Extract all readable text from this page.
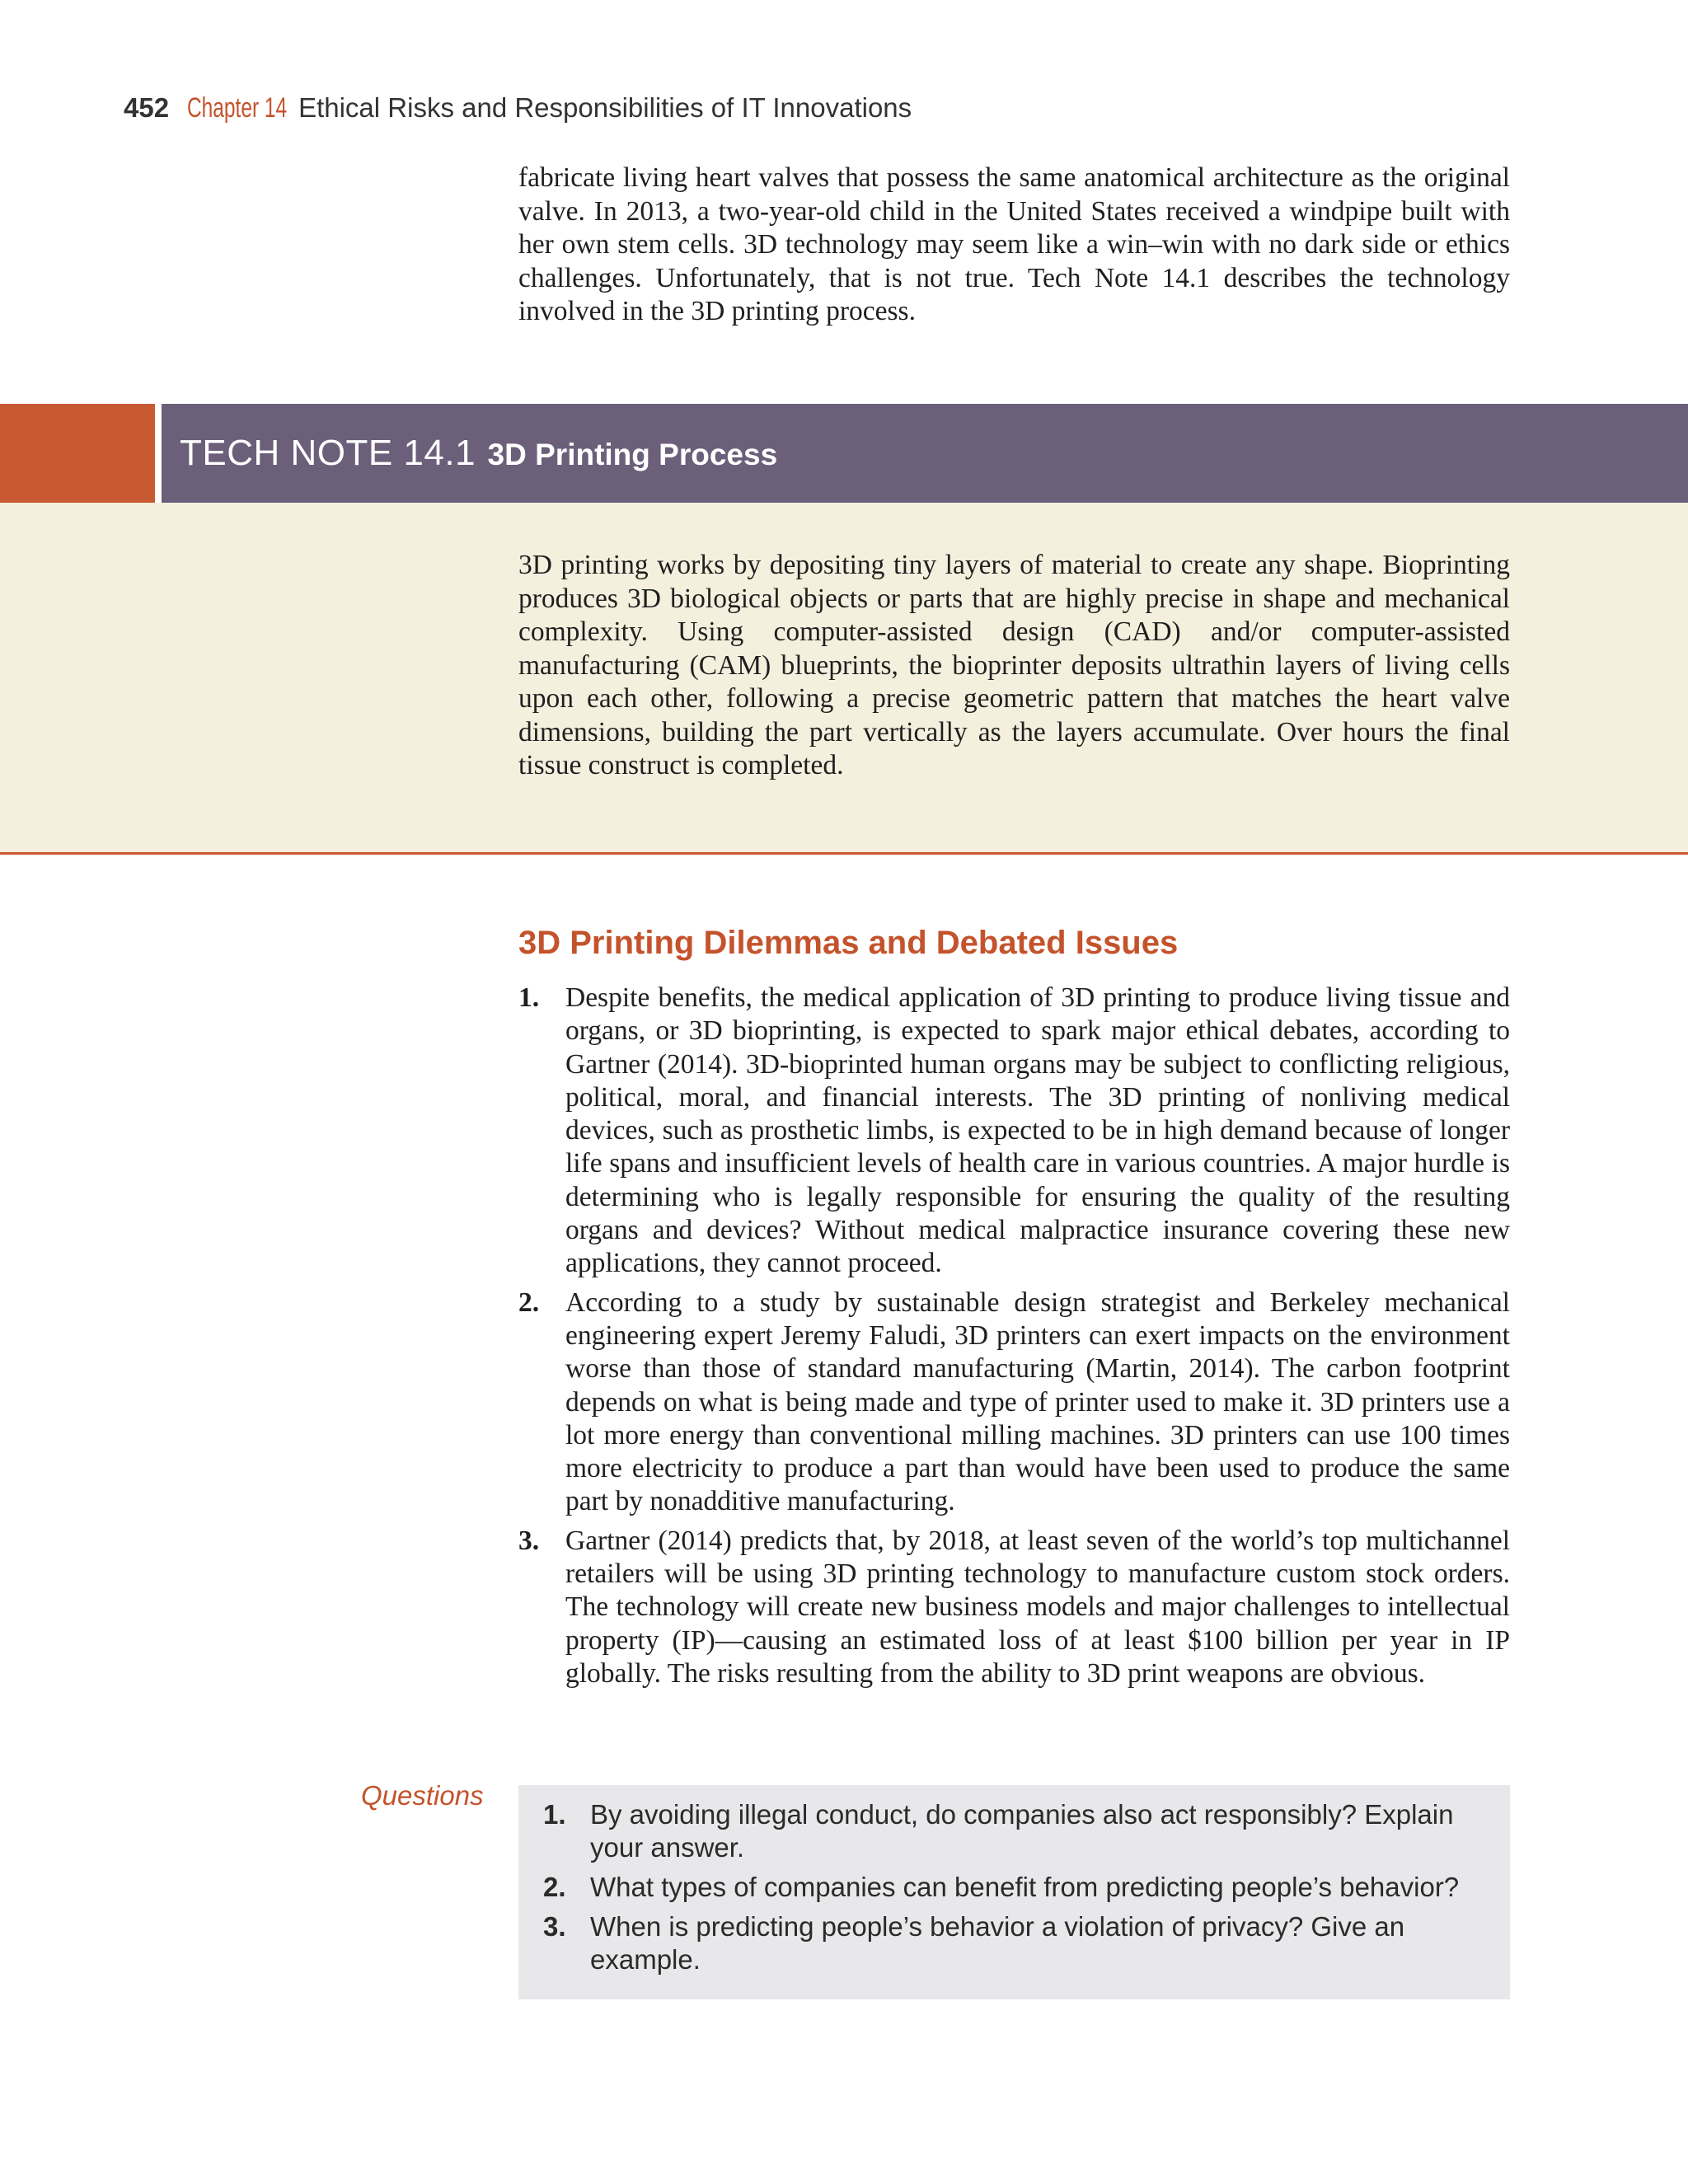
452 Chapter 14 Ethical Risks and Responsibilities of IT Innovations

fabricate living heart valves that possess the same anatomical architecture as the original valve. In 2013, a two-year-old child in the United States received a windpipe built with her own stem cells. 3D technology may seem like a win–win with no dark side or ethics challenges. Unfortunately, that is not true. Tech Note 14.1 describes the technology involved in the 3D printing process.

TECH NOTE 14.1 3D Printing Process

3D printing works by depositing tiny layers of material to create any shape. Bioprinting produces 3D biological objects or parts that are highly precise in shape and mechanical complexity. Using computer-assisted design (CAD) and/or computer-assisted manufacturing (CAM) blueprints, the bioprinter deposits ultrathin layers of living cells upon each other, following a precise geometric pattern that matches the heart valve dimensions, building the part vertically as the layers accumulate. Over hours the final tissue construct is completed.

3D Printing Dilemmas and Debated Issues
1. Despite benefits, the medical application of 3D printing to produce living tissue and organs, or 3D bioprinting, is expected to spark major ethical debates, according to Gartner (2014). 3D-bioprinted human organs may be subject to conflicting religious, political, moral, and financial interests. The 3D printing of nonliving medical devices, such as prosthetic limbs, is expected to be in high demand because of longer life spans and insufficient levels of health care in various countries. A major hurdle is determining who is legally responsible for ensuring the quality of the resulting organs and devices? Without medical malpractice insurance covering these new applications, they cannot proceed.
2. According to a study by sustainable design strategist and Berkeley mechanical engineering expert Jeremy Faludi, 3D printers can exert impacts on the environment worse than those of standard manufacturing (Martin, 2014). The carbon footprint depends on what is being made and type of printer used to make it. 3D printers use a lot more energy than conventional milling machines. 3D printers can use 100 times more electricity to produce a part than would have been used to produce the same part by nonadditive manufacturing.
3. Gartner (2014) predicts that, by 2018, at least seven of the world’s top multichannel retailers will be using 3D printing technology to manufacture custom stock orders. The technology will create new business models and major challenges to intellectual property (IP)—causing an estimated loss of at least $100 billion per year in IP globally. The risks resulting from the ability to 3D print weapons are obvious.
Questions
1. By avoiding illegal conduct, do companies also act responsibly? Explain your answer.
2. What types of companies can benefit from predicting people’s behavior?
3. When is predicting people’s behavior a violation of privacy? Give an example.
